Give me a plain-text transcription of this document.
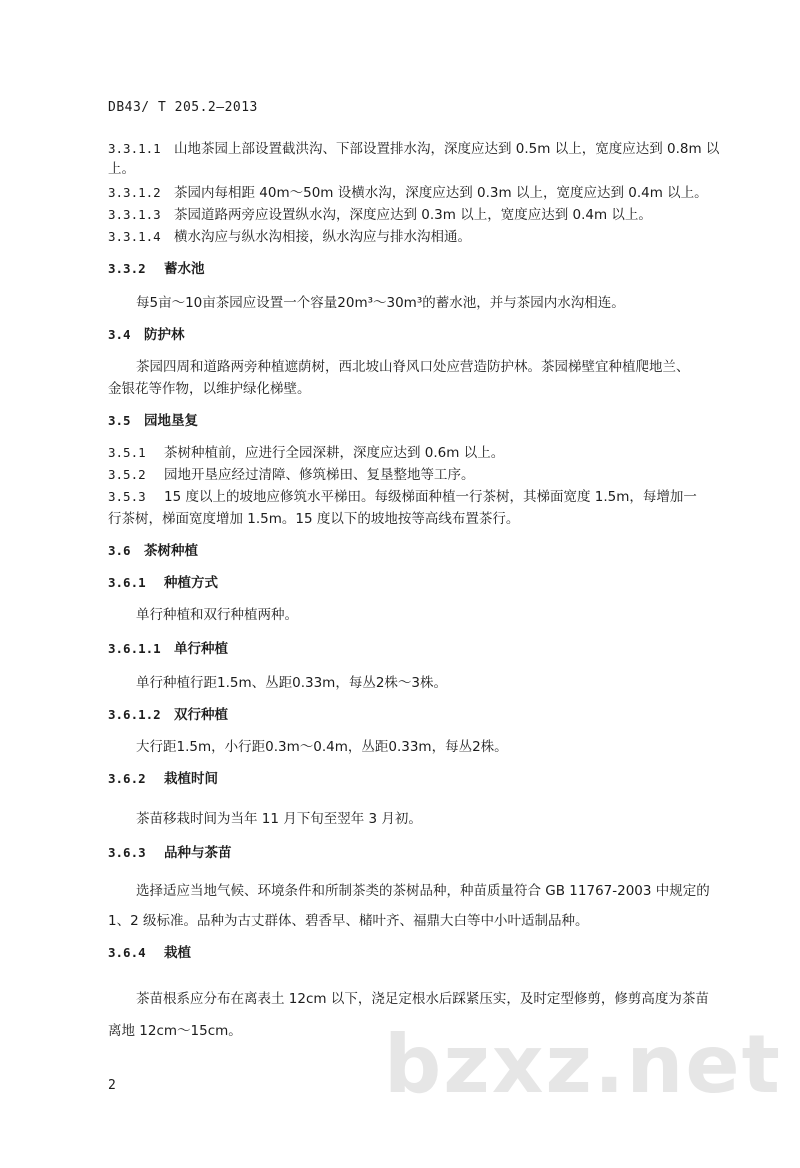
DB43/ T 205.2—2013
3.3.1.1 山地茶园上部设置截洪沟、下部设置排水沟，深度应达到 0.5m 以上，宽度应达到 0.8m 以
上。
3.3.1.2 茶园内每相距 40m～50m 设横水沟，深度应达到 0.3m 以上，宽度应达到 0.4m 以上。
3.3.1.3 茶园道路两旁应设置纵水沟，深度应达到 0.3m 以上，宽度应达到 0.4m 以上。
3.3.1.4 横水沟应与纵水沟相接，纵水沟应与排水沟相通。
3.3.2 蓄水池
每5亩～10亩茶园应设置一个容量20m³～30m³的蓄水池，并与茶园内水沟相连。
3.4 防护林
茶园四周和道路两旁种植遮荫树，西北坡山脊风口处应营造防护林。茶园梯壁宜种植爬地兰、
金银花等作物，以维护绿化梯壁。
3.5 园地垦复
3.5.1 茶树种植前，应进行全园深耕，深度应达到 0.6m 以上。
3.5.2 园地开垦应经过清障、修筑梯田、复垦整地等工序。
3.5.3 15 度以上的坡地应修筑水平梯田。每级梯面种植一行茶树，其梯面宽度 1.5m，每增加一
行茶树，梯面宽度增加 1.5m。15 度以下的坡地按等高线布置茶行。
3.6 茶树种植
3.6.1 种植方式
单行种植和双行种植两种。
3.6.1.1 单行种植
单行种植行距1.5m、丛距0.33m，每丛2株～3株。
3.6.1.2 双行种植
大行距1.5m，小行距0.3m～0.4m，丛距0.33m，每丛2株。
3.6.2 栽植时间
茶苗移栽时间为当年 11 月下旬至翌年 3 月初。
3.6.3 品种与茶苗
选择适应当地气候、环境条件和所制茶类的茶树品种，种苗质量符合 GB 11767-2003 中规定的
1、2 级标准。品种为古丈群体、碧香早、槠叶齐、福鼎大白等中小叶适制品种。
3.6.4 栽植
茶苗根系应分布在离表土 12cm 以下，浇足定根水后踩紧压实，及时定型修剪，修剪高度为茶苗
离地 12cm～15cm。
2	bzxz.net
